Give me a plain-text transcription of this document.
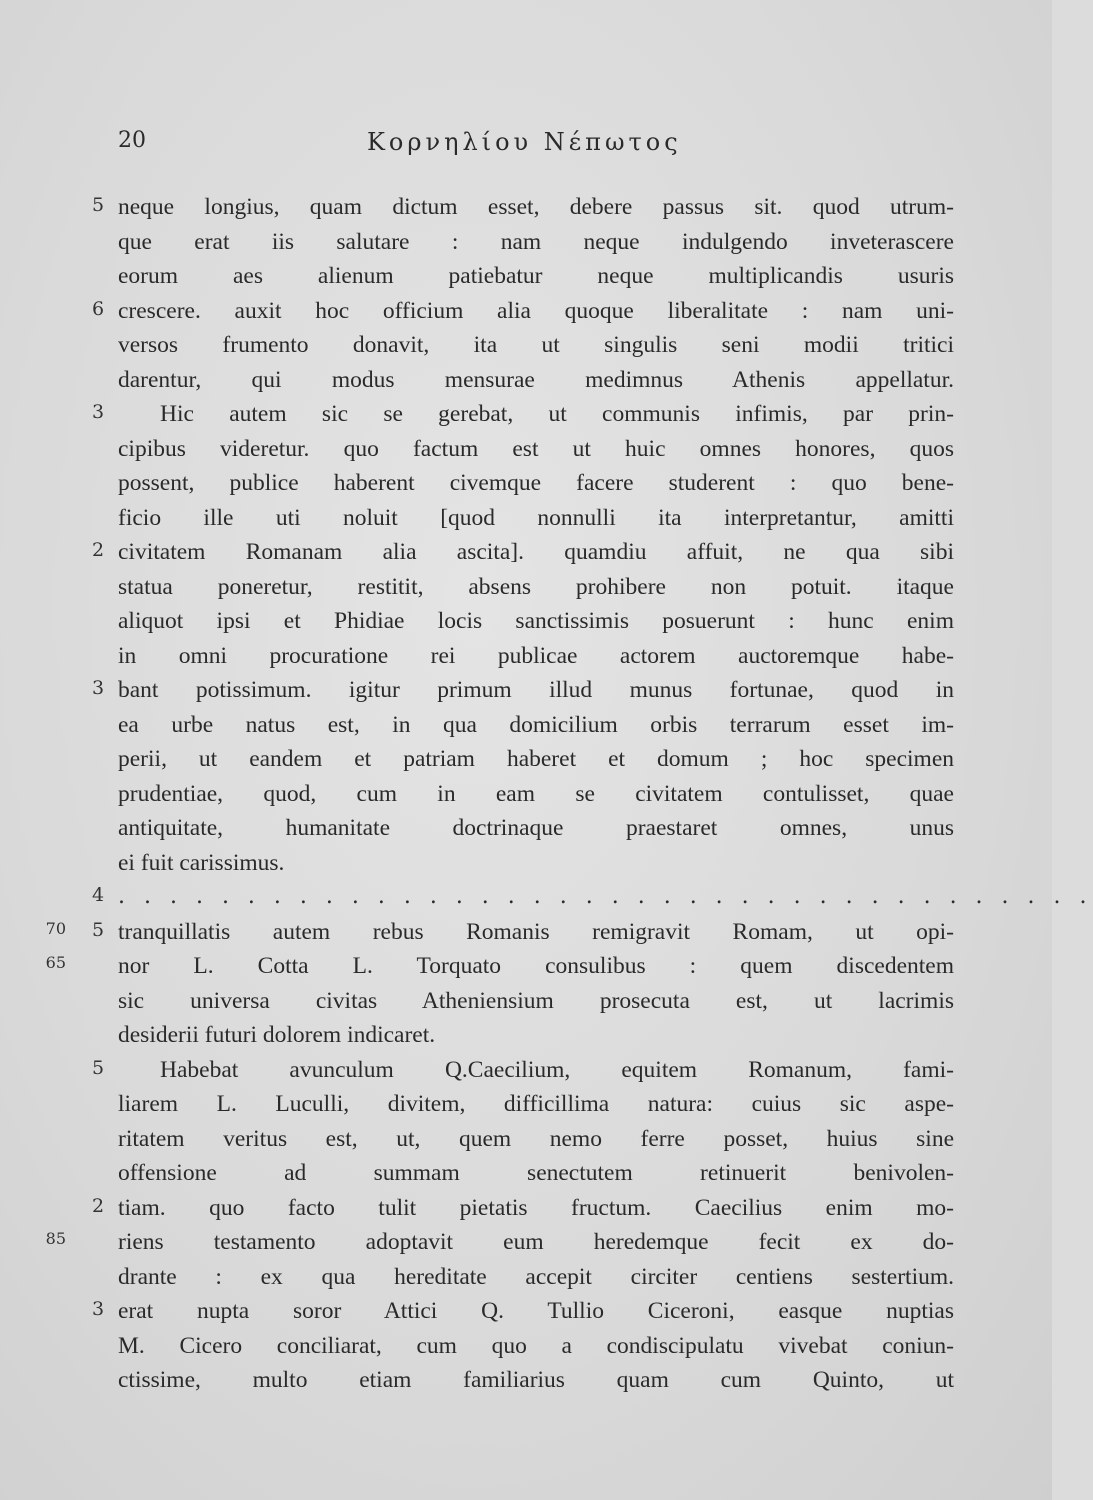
20	Κορνηλίου Νέπωτος
5 neque longius, quam dictum esset, debere passus sit. quod utrum-
que erat iis salutare : nam neque indulgendo inveterascere
eorum aes alienum patiebatur neque multiplicandis usuris
6 crescere. auxit hoc officium alia quoque liberalitate : nam uni-
versos frumento donavit, ita ut singulis seni modii tritici
darentur, qui modus mensurae medimnus Athenis appellatur.
3 Hic autem sic se gerebat, ut communis infimis, par prin-
cipibus videretur. quo factum est ut huic omnes honores, quos
possent, publice haberent civemque facere studerent : quo bene-
ficio ille uti noluit [quod nonnulli ita interpretantur, amitti
2 civitatem Romanam alia ascita]. quamdiu affuit, ne qua sibi
statua poneretur, restitit, absens prohibere non potuit. itaque
aliquot ipsi et Phidiae locis sanctissimis posuerunt : hunc enim
in omni procuratione rei publicae actorem auctoremque habe-
3 bant potissimum. igitur primum illud munus fortunae, quod in
ea urbe natus est, in qua domicilium orbis terrarum esset im-
perii, ut eandem et patriam haberet et domum ; hoc specimen
prudentiae, quod, cum in eam se civitatem contulisset, quae
antiquitate, humanitate doctrinaque praestaret omnes, unus
ei fuit carissimus.
4 . . . . . . . . . . . . . . . . . . . . . . . . . . . . . . . . . . . . . .
70	5 tranquillatis autem rebus Romanis remigravit Romam, ut opi-
65 nor L. Cotta L. Torquato consulibus : quem discedentem
sic universa civitas Atheniensium prosecuta est, ut lacrimis
desiderii futuri dolorem indicaret.
5 Habebat avunculum Q.Caecilium, equitem Romanum, fami-
liarem L. Luculli, divitem, difficillima natura: cuius sic aspe-
ritatem veritus est, ut, quem nemo ferre posset, huius sine
offensione ad summam senectutem retinuerit benivolen-
2 tiam. quo facto tulit pietatis fructum. Caecilius enim mo-
85 riens testamento adoptavit eum heredemque fecit ex do-
drante : ex qua hereditate accepit circiter centiens sestertium.
3 erat nupta soror Attici Q. Tullio Ciceroni, easque nuptias
M. Cicero conciliarat, cum quo a condiscipulatu vivebat coniun-
ctissime, multo etiam familiarius quam cum Quinto, ut
